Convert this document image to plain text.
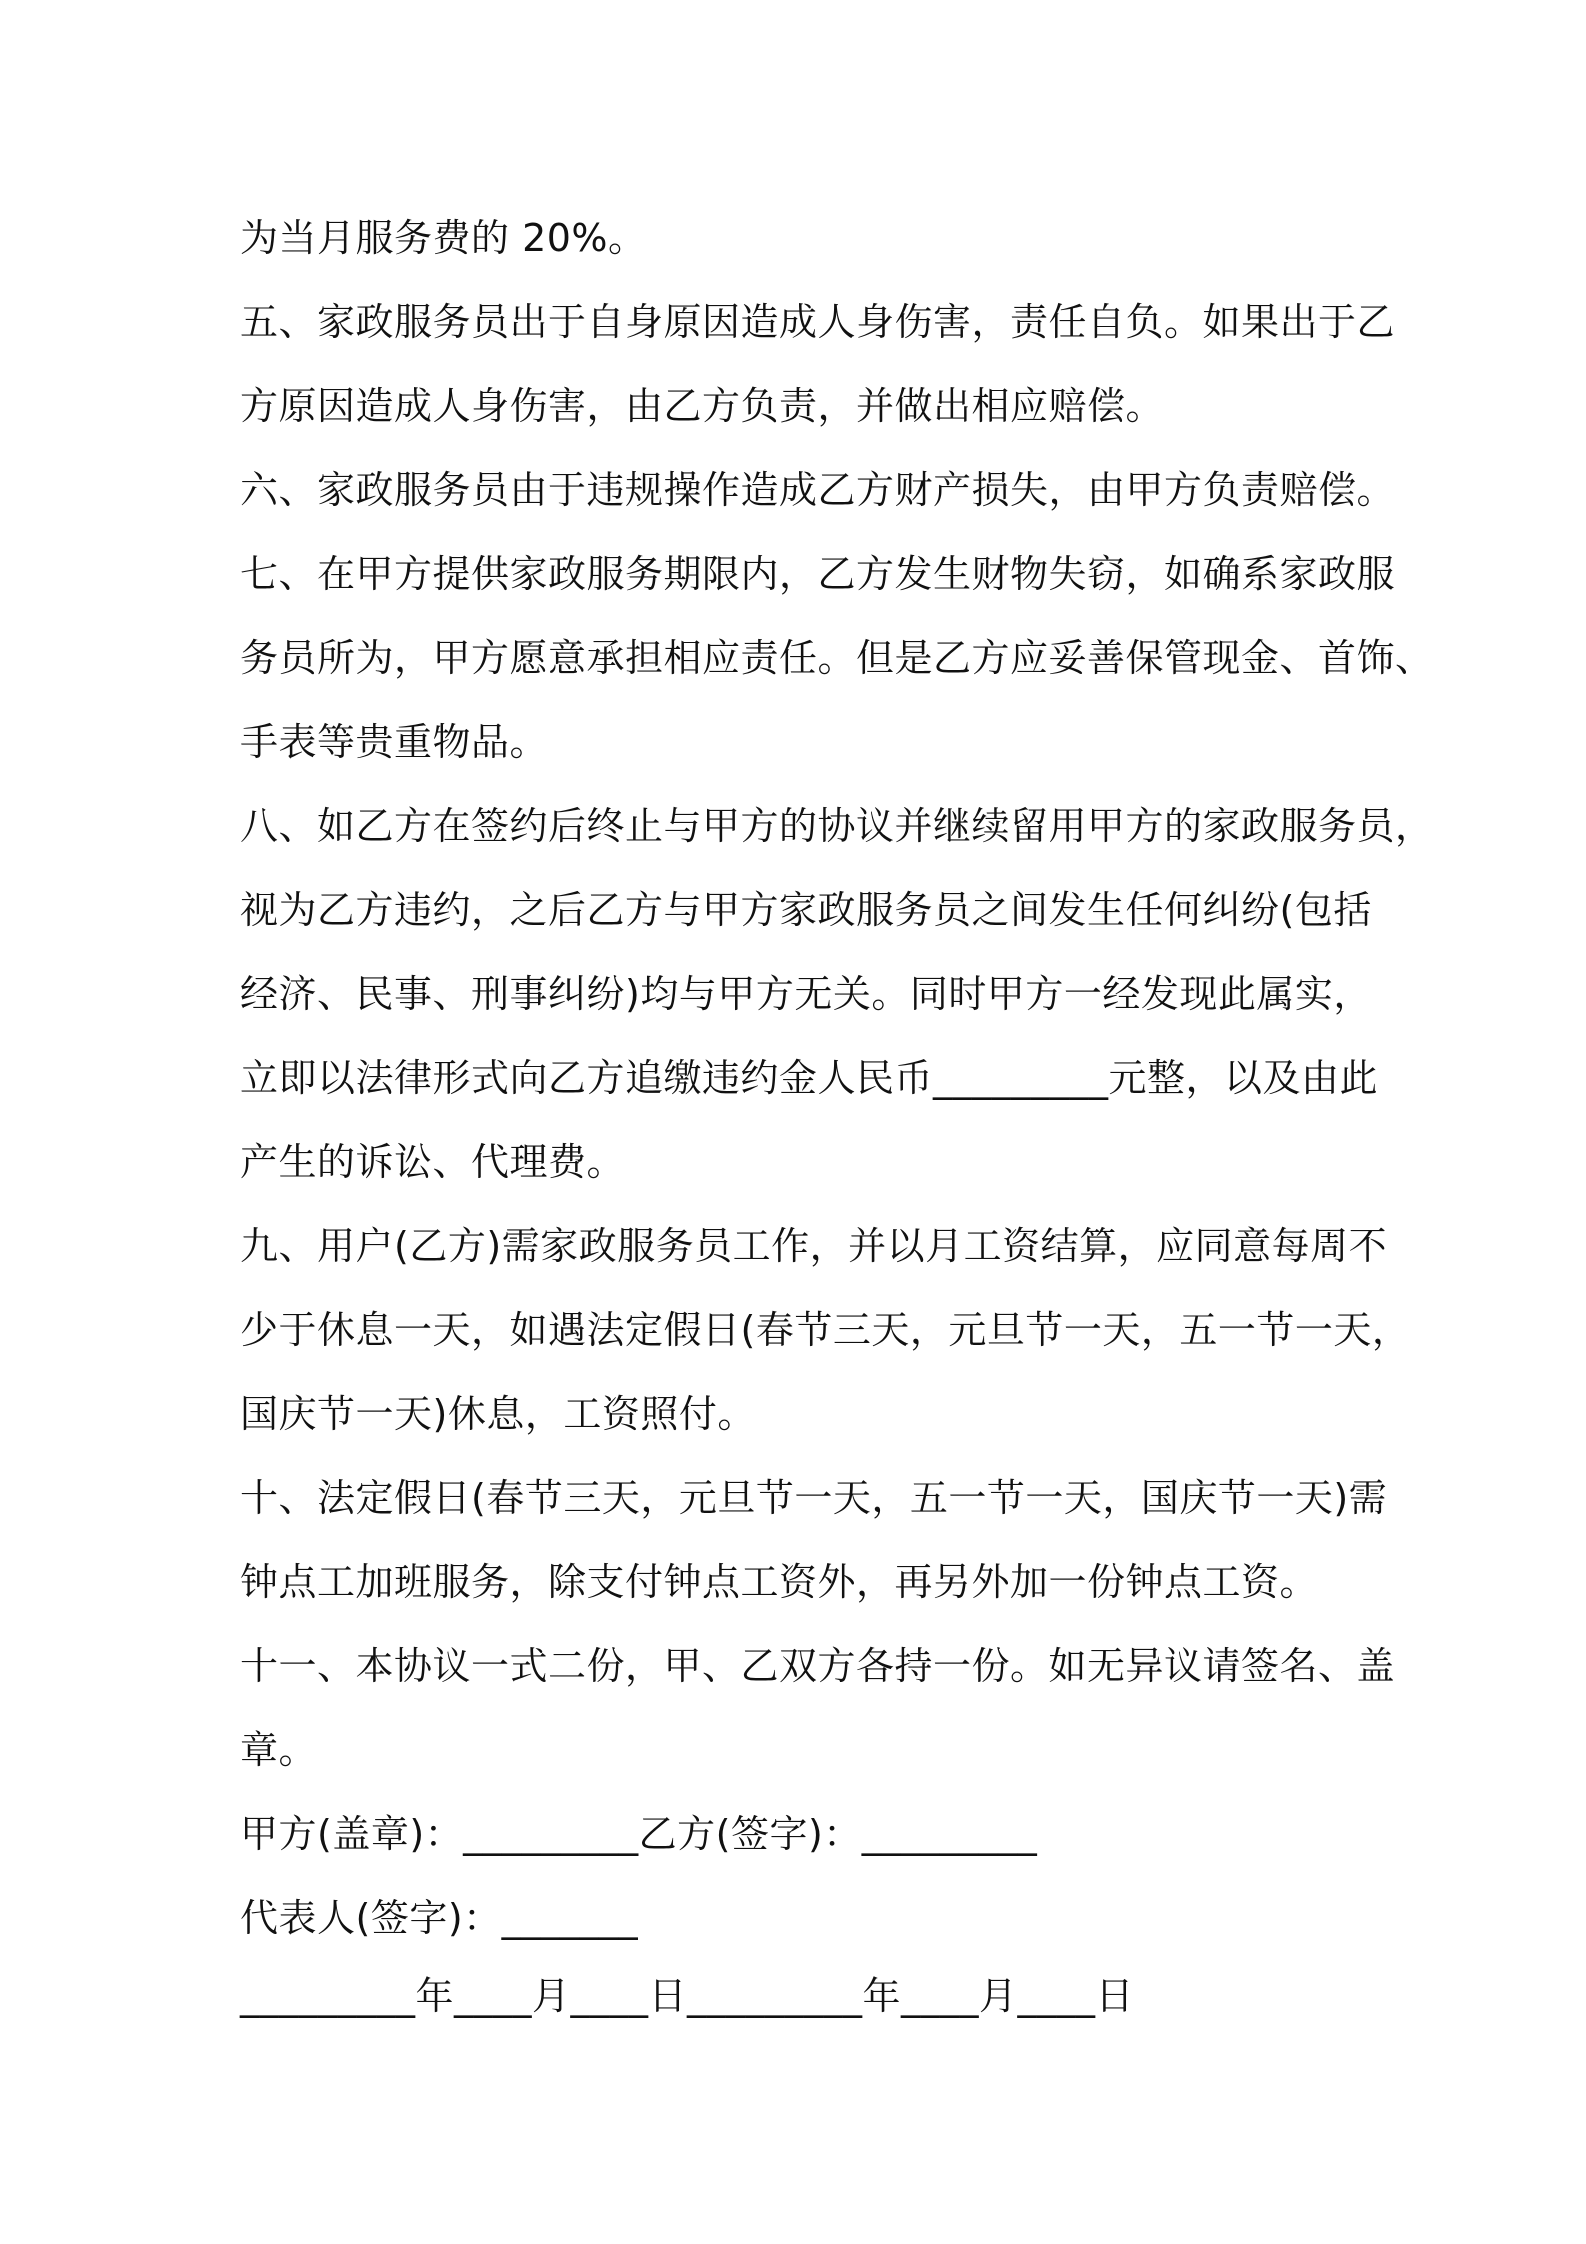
为当月服务费的 20%。
五、家政服务员出于自身原因造成人身伤害，责任自负。如果出于乙
方原因造成人身伤害，由乙方负责，并做出相应赔偿。
六、家政服务员由于违规操作造成乙方财产损失，由甲方负责赔偿。
七、在甲方提供家政服务期限内，乙方发生财物失窃，如确系家政服
务员所为，甲方愿意承担相应责任。但是乙方应妥善保管现金、首饰、
手表等贵重物品。
八、如乙方在签约后终止与甲方的协议并继续留用甲方的家政服务员，
视为乙方违约，之后乙方与甲方家政服务员之间发生任何纠纷(包括
经济、民事、刑事纠纷)均与甲方无关。同时甲方一经发现此属实，
立即以法律形式向乙方追缴违约金人民币_________元整，以及由此
产生的诉讼、代理费。
九、用户(乙方)需家政服务员工作，并以月工资结算，应同意每周不
少于休息一天，如遇法定假日(春节三天，元旦节一天，五一节一天，
国庆节一天)休息，工资照付。
十、法定假日(春节三天，元旦节一天，五一节一天，国庆节一天)需
钟点工加班服务，除支付钟点工资外，再另外加一份钟点工资。
十一、本协议一式二份，甲、乙双方各持一份。如无异议请签名、盖
章。
甲方(盖章)：_________乙方(签字)：_________
代表人(签字)：_______
_________年____月____日_________年____月____日
